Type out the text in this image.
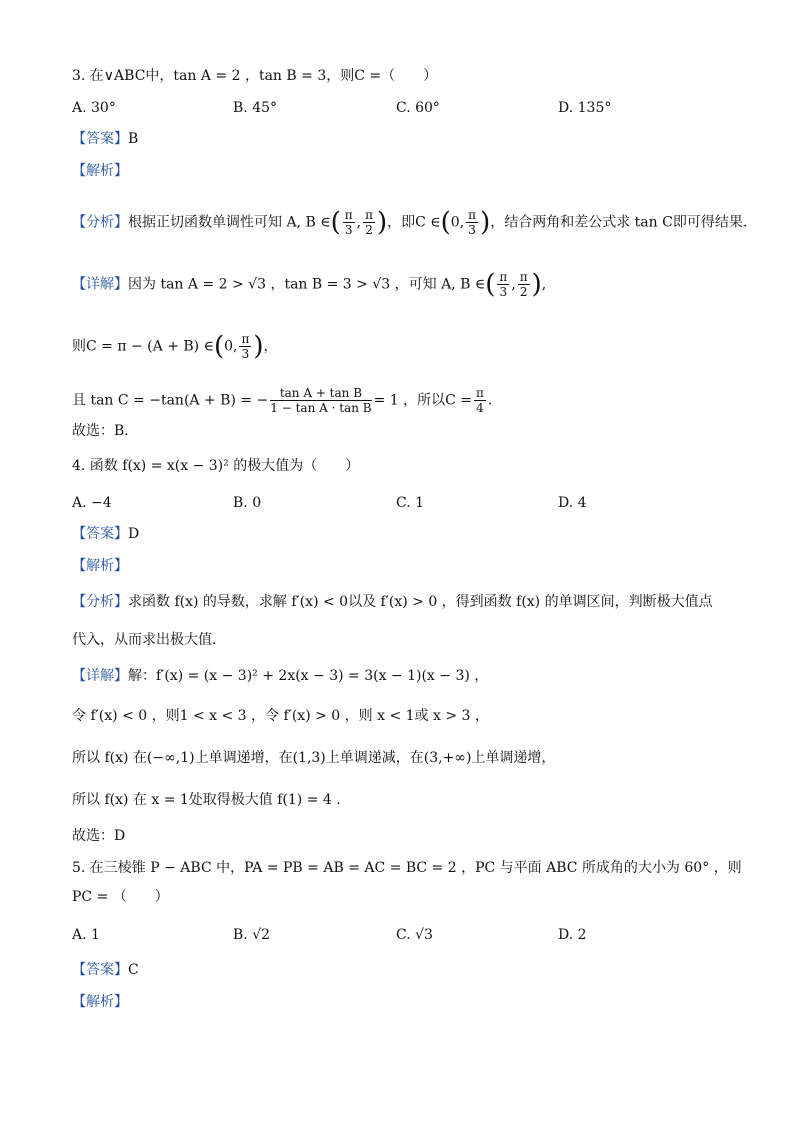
3. 在∨ABC中，tan A = 2 ，tan B = 3，则C =（　　）
A. 30°	B. 45°	C. 60°	D. 135°
【答案】B
【解析】
【分析】根据正切函数单调性可知 A, B ∈( $\frac{\pi}{3}$ , $\frac{\pi}{2}$ )，即C ∈(0, $\frac{\pi}{3}$ )，结合两角和差公式求 tan C即可得结果.
【详解】因为 tan A = 2 > √3 ，tan B = 3 > √3 ，可知 A, B ∈( $\frac{\pi}{3}$ , $\frac{\pi}{2}$ ),
则C = π − (A + B) ∈(0, $\frac{\pi}{3}$ )，
且 tan C = −tan(A + B) = − $\frac{\text{tan A + tan B}}{\text{1 − tan A · tan B}} = 1$ ，所以$C = \frac{\pi}{4}$ .
故选：B.
4. 函数 f(x) = x(x − 3)² 的极大值为（　　）
A. −4	B. 0	C. 1	D. 4
【答案】D
【解析】
【分析】求函数 f(x) 的导数，求解 f′(x) < 0以及 f′(x) > 0 ，得到函数 f(x) 的单调区间，判断极大值点
代入，从而求出极大值.
【详解】解：f′(x) = (x − 3)² + 2x(x − 3) = 3(x − 1)(x − 3) ，
令 f′(x) < 0 ，则1 < x < 3 ，令 f′(x) > 0 ，则 x < 1或 x > 3 ，
所以 f(x) 在(−∞,1)上单调递增，在(1,3)上单调递减，在(3,+∞)上单调递增，
所以 f(x) 在 x = 1处取得极大值 f(1) = 4 .
故选：D
5. 在三棱锥 P − ABC 中，PA = PB = AB = AC = BC = 2 ，PC 与平面 ABC 所成角的大小为 60° ，则
PC = （　　）
A. 1	B. √2	C. √3	D. 2
【答案】C
【解析】
